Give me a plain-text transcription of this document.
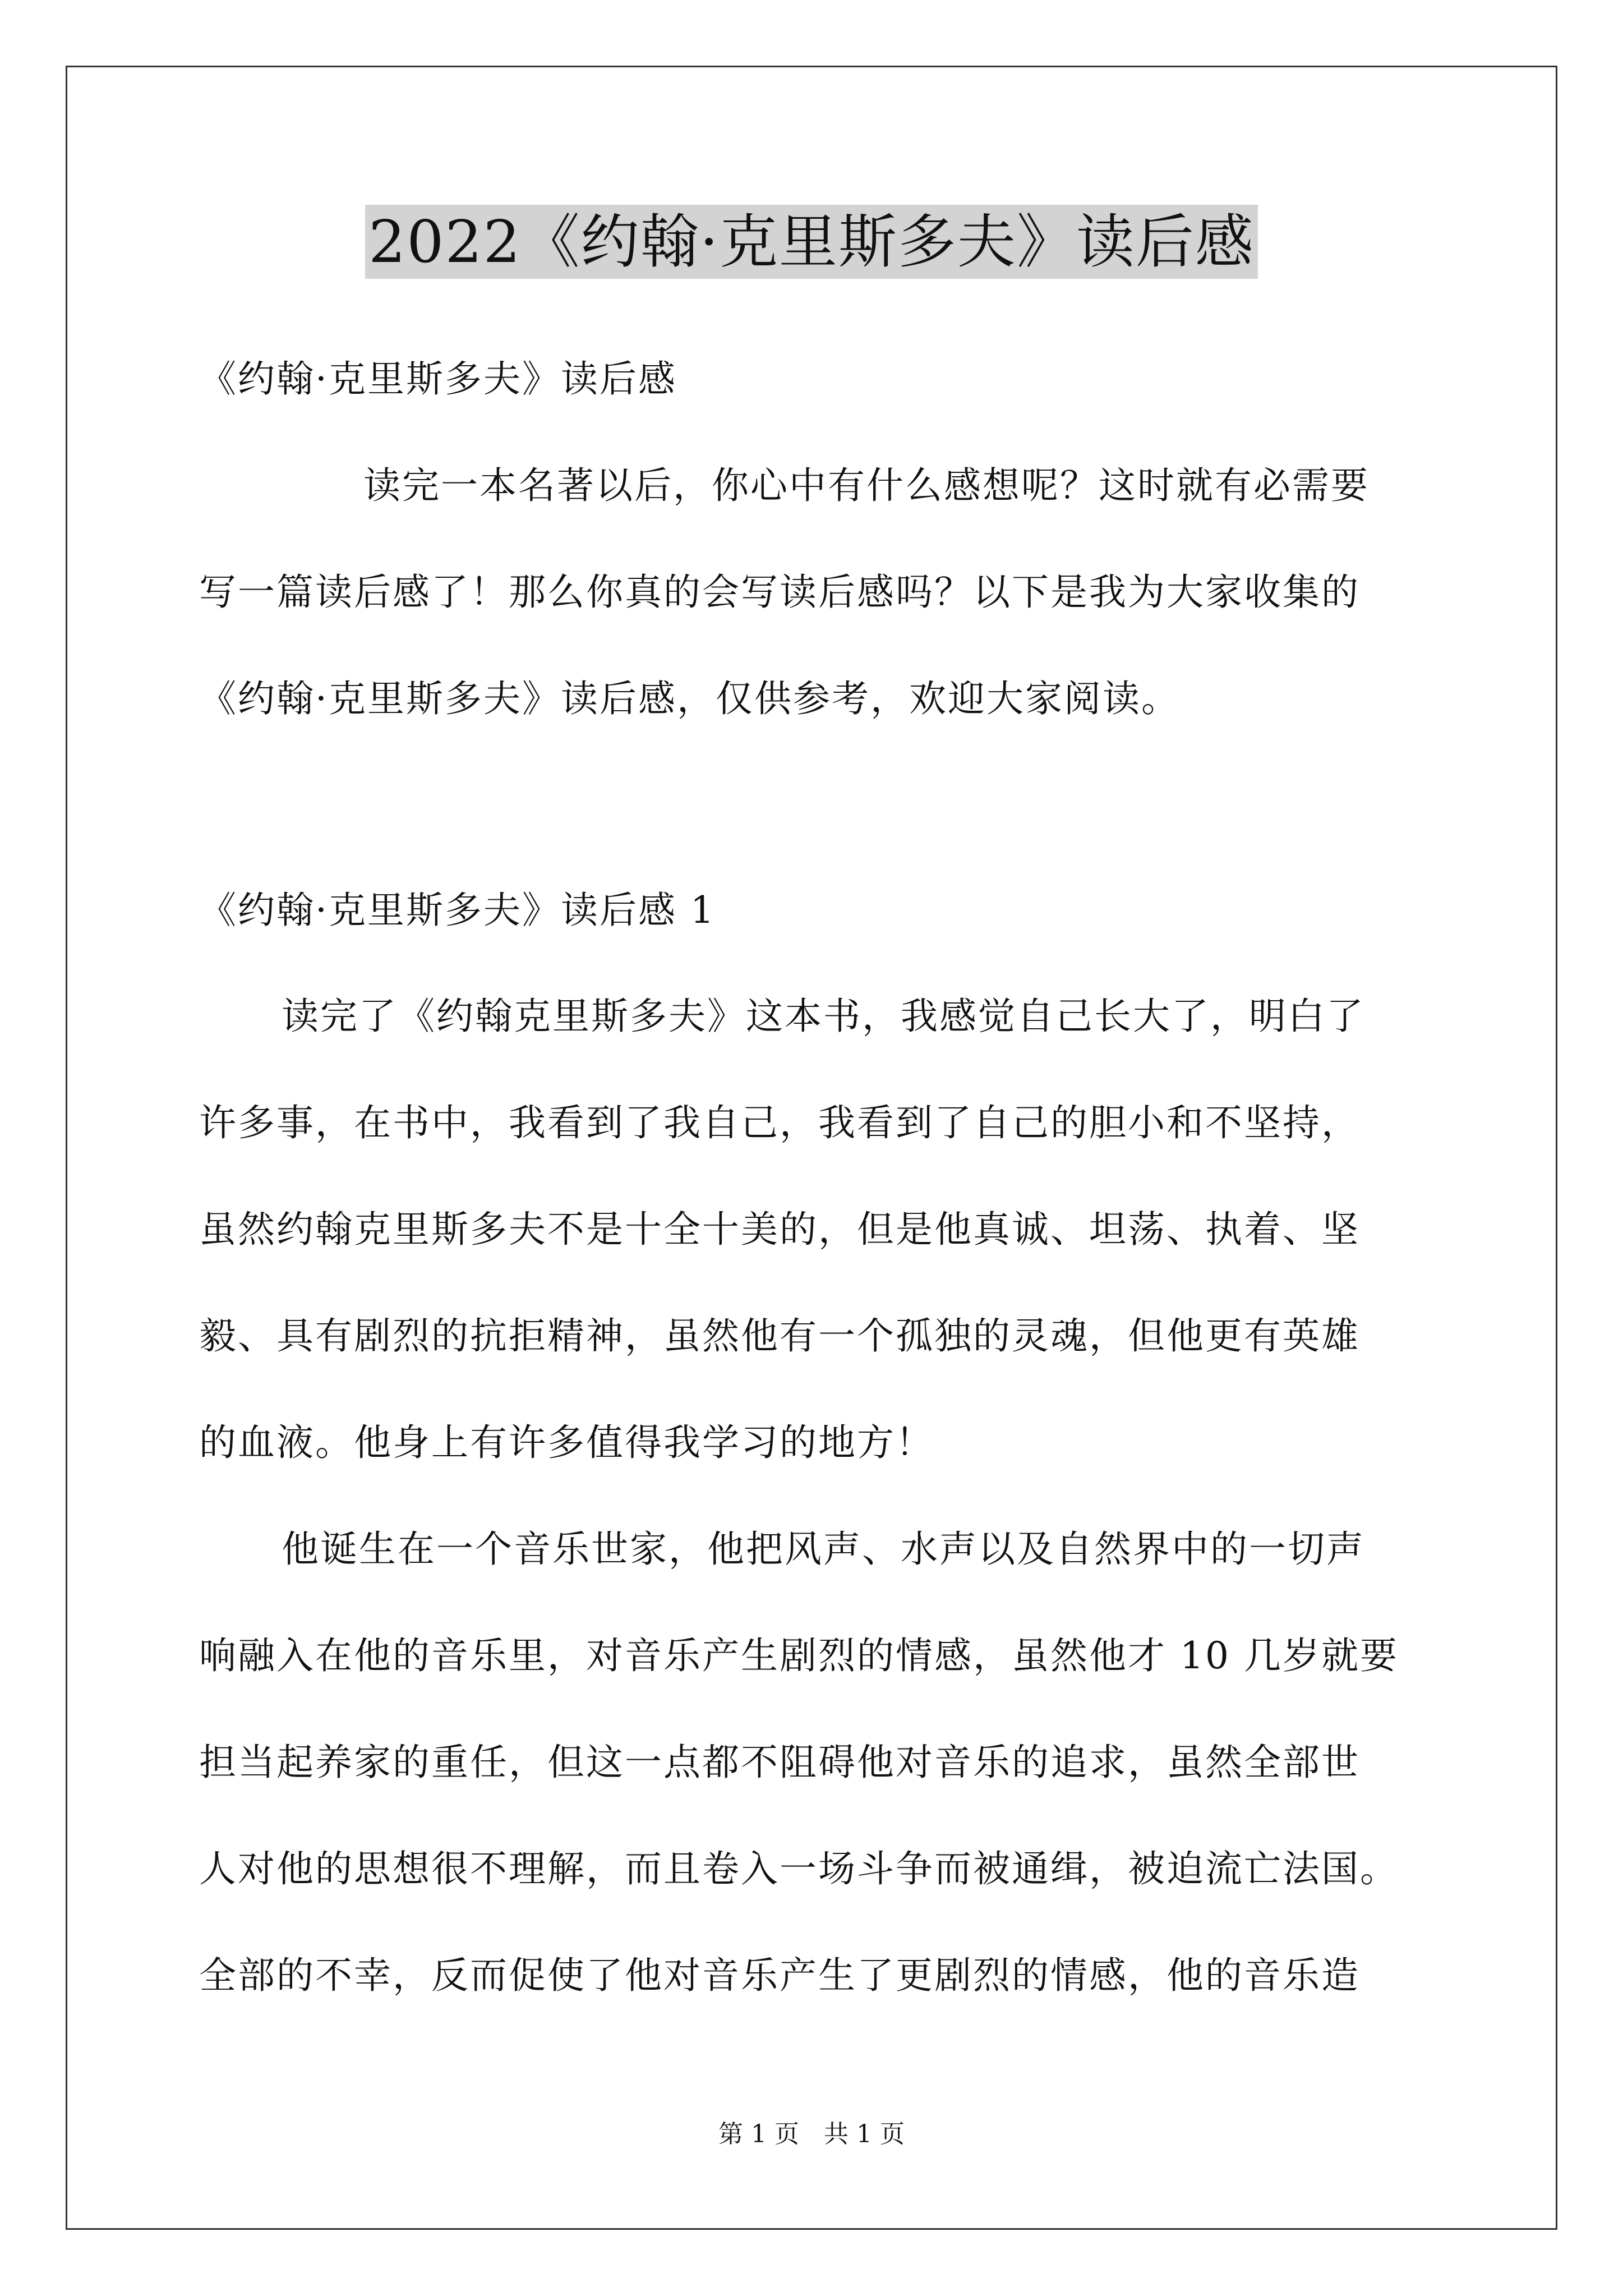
2022《约翰·克里斯多夫》读后感
《约翰·克里斯多夫》读后感
读完一本名著以后，你心中有什么感想呢？这时就有必需要
写一篇读后感了！那么你真的会写读后感吗？以下是我为大家收集的
《约翰·克里斯多夫》读后感，仅供参考，欢迎大家阅读。
《约翰·克里斯多夫》读后感 1
读完了《约翰克里斯多夫》这本书，我感觉自己长大了，明白了
许多事，在书中，我看到了我自己，我看到了自己的胆小和不坚持，
虽然约翰克里斯多夫不是十全十美的，但是他真诚、坦荡、执着、坚
毅、具有剧烈的抗拒精神，虽然他有一个孤独的灵魂，但他更有英雄
的血液。他身上有许多值得我学习的地方！
他诞生在一个音乐世家，他把风声、水声以及自然界中的一切声
响融入在他的音乐里，对音乐产生剧烈的情感，虽然他才 10 几岁就要
担当起养家的重任，但这一点都不阻碍他对音乐的追求，虽然全部世
人对他的思想很不理解，而且卷入一场斗争而被通缉，被迫流亡法国。
全部的不幸，反而促使了他对音乐产生了更剧烈的情感，他的音乐造
第 1 页　共 1 页
